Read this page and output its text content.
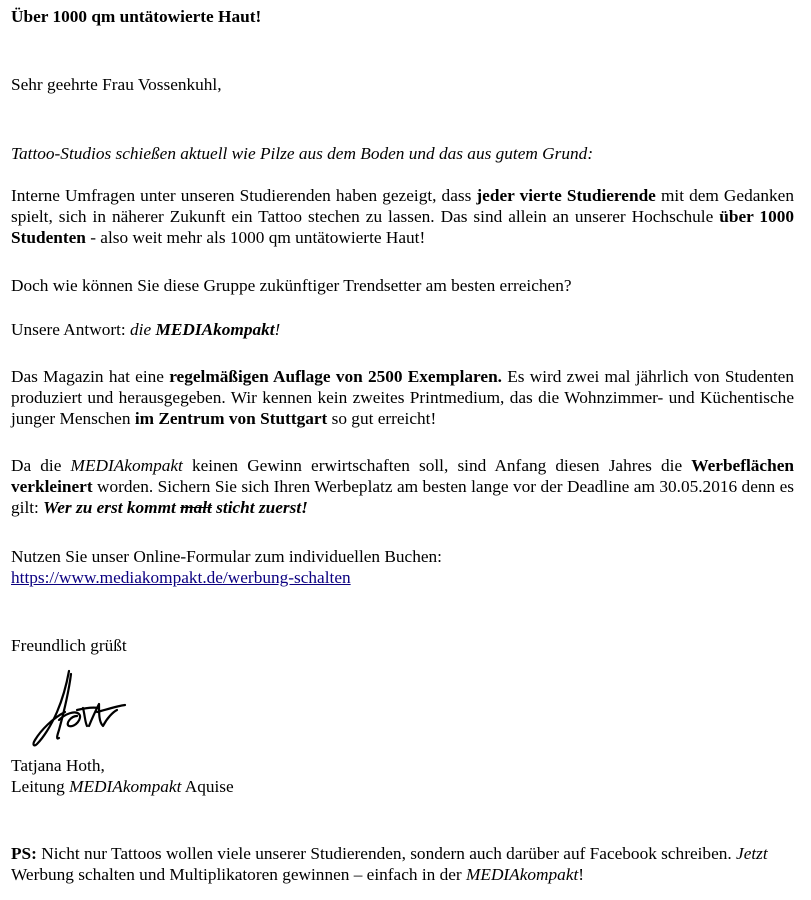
Über 1000 qm untätowierte Haut!

Sehr geehrte Frau Vossenkuhl,

Tattoo-Studios schießen aktuell wie Pilze aus dem Boden und das aus gutem Grund:

Interne Umfragen unter unseren Studierenden haben gezeigt, dass jeder vierte Studierende mit dem Gedanken spielt, sich in näherer Zukunft ein Tattoo stechen zu lassen. Das sind allein an unserer Hochschule über 1000 Studenten - also weit mehr als 1000 qm untätowierte Haut!

Doch wie können Sie diese Gruppe zukünftiger Trendsetter am besten erreichen?

Unsere Antwort: die MEDIAkompakt!

Das Magazin hat eine regelmäßigen Auflage von 2500 Exemplaren. Es wird zwei mal jährlich von Studenten produziert und herausgegeben. Wir kennen kein zweites Printmedium, das die Wohnzimmer- und Küchentische junger Menschen im Zentrum von Stuttgart so gut erreicht!

Da die MEDIAkompakt keinen Gewinn erwirtschaften soll, sind Anfang diesen Jahres die Werbeflächen verkleinert worden. Sichern Sie sich Ihren Werbeplatz am besten lange vor der Deadline am 30.05.2016 denn es gilt: Wer zu erst kommt malt sticht zuerst!

Nutzen Sie unser Online-Formular zum individuellen Buchen:
https://www.mediakompakt.de/werbung-schalten

Freundlich grüßt

Tatjana Hoth,
Leitung MEDIAkompakt Aquise

PS: Nicht nur Tattoos wollen viele unserer Studierenden, sondern auch darüber auf Facebook schreiben. Jetzt Werbung schalten und Multiplikatoren gewinnen – einfach in der MEDIAkompakt!
